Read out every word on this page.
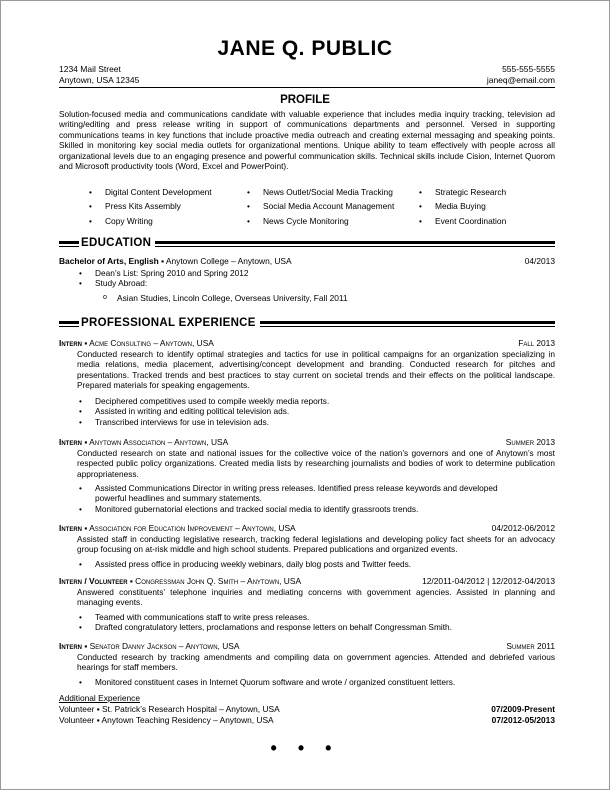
JANE Q. PUBLIC
1234 Mail Street	555-555-5555
Anytown, USA 12345	janeq@email.com
PROFILE
Solution-focused media and communications candidate with valuable experience that includes media inquiry tracking, television ad writing/editing and press release writing in support of communications departments and personnel. Versed in supporting communications teams in key functions that include proactive media outreach and creating external messaging and speaking points. Skilled in monitoring key social media outlets for organizational mentions. Unique ability to team effectively with people across all organizational levels due to an engaging presence and powerful communication skills. Technical skills include Cision, Internet Quorom and Microsoft productivity tools (Word, Excel and PowerPoint).
• Digital Content Development
• Press Kits Assembly
• Copy Writing
• News Outlet/Social Media Tracking
• Social Media Account Management
• News Cycle Monitoring
• Strategic Research
• Media Buying
• Event Coordination
EDUCATION
Bachelor of Arts, English ▪ Anytown College – Anytown, USA	04/2013
• Dean’s List: Spring 2010 and Spring 2012
• Study Abroad:
o Asian Studies, Lincoln College, Overseas University, Fall 2011
PROFESSIONAL EXPERIENCE
Intern ▪ Acme Consulting – Anytown, USA	Fall 2013
Conducted research to identify optimal strategies and tactics for use in political campaigns for an organization specializing in media relations, media placement, advertising/concept development and branding. Conducted research for pitches and presentations. Tracked trends and best practices to stay current on societal trends and their effects on the political landscape. Prepared materials for speaking engagements.
• Deciphered competitives used to compile weekly media reports.
• Assisted in writing and editing political television ads.
• Transcribed interviews for use in television ads.
Intern ▪ Anytown Association – Anytown, USA	Summer 2013
Conducted research on state and national issues for the collective voice of the nation’s governors and one of Anytown’s most respected public policy organizations. Created media lists by researching journalists and bodies of work to determine publication appropriateness.
• Assisted Communications Director in writing press releases. Identified press release keywords and developed powerful headlines and summary statements.
• Monitored gubernatorial elections and tracked social media to identify grassroots trends.
Intern ▪ Association for Education Improvement – Anytown, USA	04/2012-06/2012
Assisted staff in conducting legislative research, tracking federal legislations and developing policy fact sheets for an advocacy group focusing on at-risk middle and high school students. Prepared publications and organized events.
• Assisted press office in producing weekly webinars, daily blog posts and Twitter feeds.
Intern / Volunteer ▪ Congressman John Q. Smith – Anytown, USA	12/2011-04/2012 | 12/2012-04/2013
Answered constituents’ telephone inquiries and mediating concerns with government agencies. Assisted in planning and managing events.
• Teamed with communications staff to write press releases.
• Drafted congratulatory letters, proclamations and response letters on behalf Congressman Smith.
Intern ▪ Senator Danny Jackson – Anytown, USA	Summer 2011
Conducted research by tracking amendments and compiling data on government agencies. Attended and debriefed various hearings for staff members.
• Monitored constituent cases in Internet Quorum software and wrote / organized constituent letters.
Additional Experience
Volunteer ▪ St. Patrick’s Research Hospital – Anytown, USA	07/2009-Present
Volunteer ▪ Anytown Teaching Residency – Anytown, USA	07/2012-05/2013
• • •
